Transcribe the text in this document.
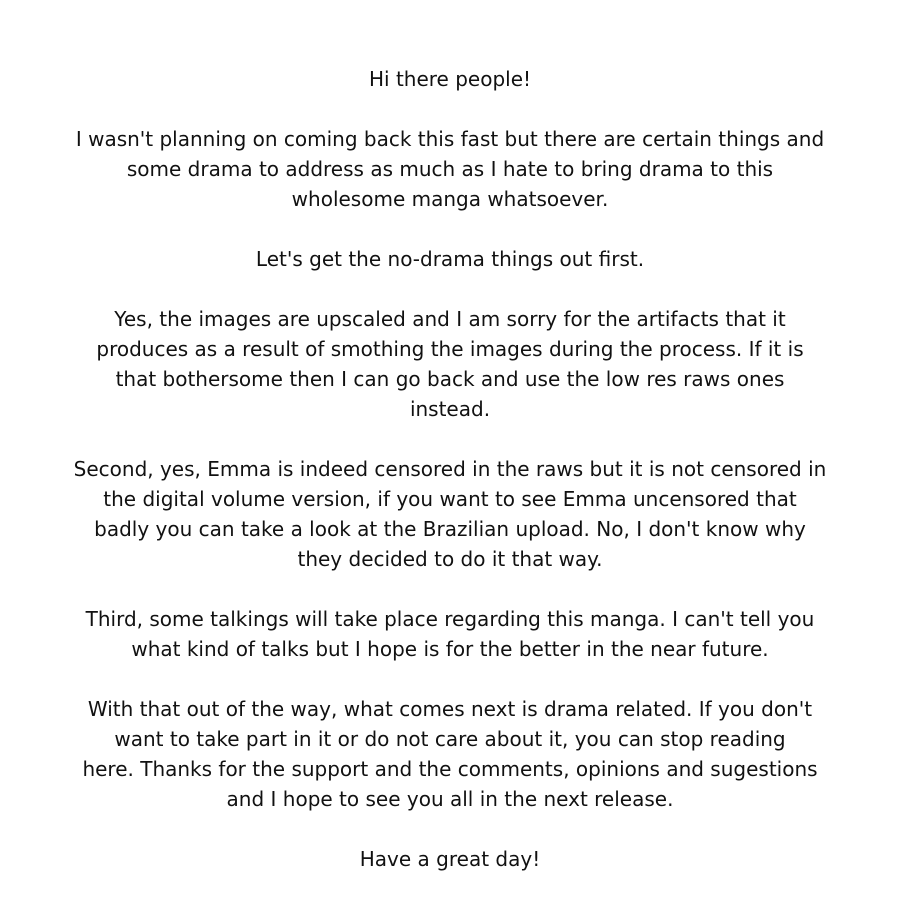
Hi there people!

I wasn't planning on coming back this fast but there are certain things and
some drama to address as much as I hate to bring drama to this
wholesome manga whatsoever.

Let's get the no-drama things out first.

Yes, the images are upscaled and I am sorry for the artifacts that it
produces as a result of smothing the images during the process. If it is
that bothersome then I can go back and use the low res raws ones
instead.

Second, yes, Emma is indeed censored in the raws but it is not censored in
the digital volume version, if you want to see Emma uncensored that
badly you can take a look at the Brazilian upload. No, I don't know why
they decided to do it that way.

Third, some talkings will take place regarding this manga. I can't tell you
what kind of talks but I hope is for the better in the near future.

With that out of the way, what comes next is drama related. If you don't
want to take part in it or do not care about it, you can stop reading
here. Thanks for the support and the comments, opinions and sugestions
and I hope to see you all in the next release.

Have a great day!
